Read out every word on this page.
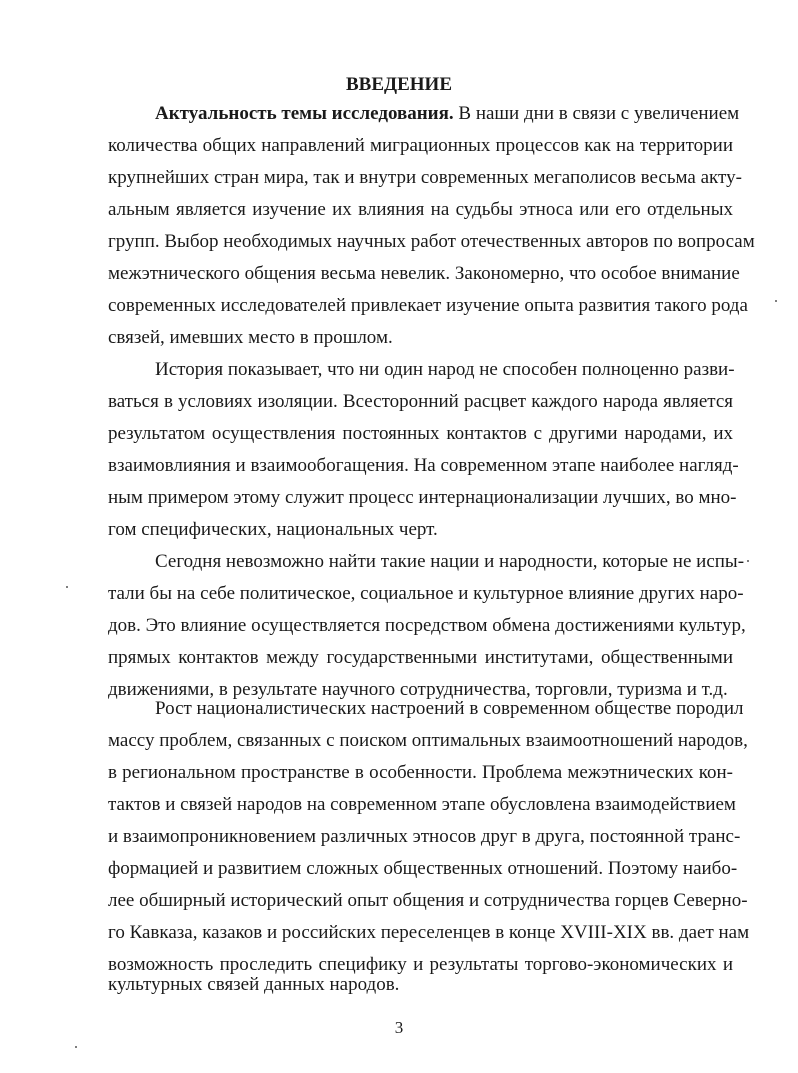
ВВЕДЕНИЕ
Актуальность темы исследования. В наши дни в связи с увеличением
количества общих направлений миграционных процессов как на территории
крупнейших стран мира, так и внутри современных мегаполисов весьма акту-
альным является изучение их влияния на судьбы этноса или его отдельных
групп. Выбор необходимых научных работ отечественных авторов по вопросам
межэтнического общения весьма невелик. Закономерно, что особое внимание
современных исследователей привлекает изучение опыта развития такого рода
связей, имевших место в прошлом.
История показывает, что ни один народ не способен полноценно разви-
ваться в условиях изоляции. Всесторонний расцвет каждого народа является
результатом осуществления постоянных контактов с другими народами, их
взаимовлияния и взаимообогащения. На современном этапе наиболее нагляд-
ным примером этому служит процесс интернационализации лучших, во мно-
гом специфических, национальных черт.
Сегодня невозможно найти такие нации и народности, которые не испы-
тали бы на себе политическое, социальное и культурное влияние других наро-
дов. Это влияние осуществляется посредством обмена достижениями культур,
прямых контактов между государственными институтами, общественными
движениями, в результате научного сотрудничества, торговли, туризма и т.д.
Рост националистических настроений в современном обществе породил
массу проблем, связанных с поиском оптимальных взаимоотношений народов,
в региональном пространстве в особенности. Проблема межэтнических кон-
тактов и связей народов на современном этапе обусловлена взаимодействием
и взаимопроникновением различных этносов друг в друга, постоянной транс-
формацией и развитием сложных общественных отношений. Поэтому наибо-
лее обширный исторический опыт общения и сотрудничества горцев Северно-
го Кавказа, казаков и российских переселенцев в конце XVIII-XIX вв. дает нам
возможность проследить специфику и результаты торгово-экономических и
культурных связей данных народов.
3
